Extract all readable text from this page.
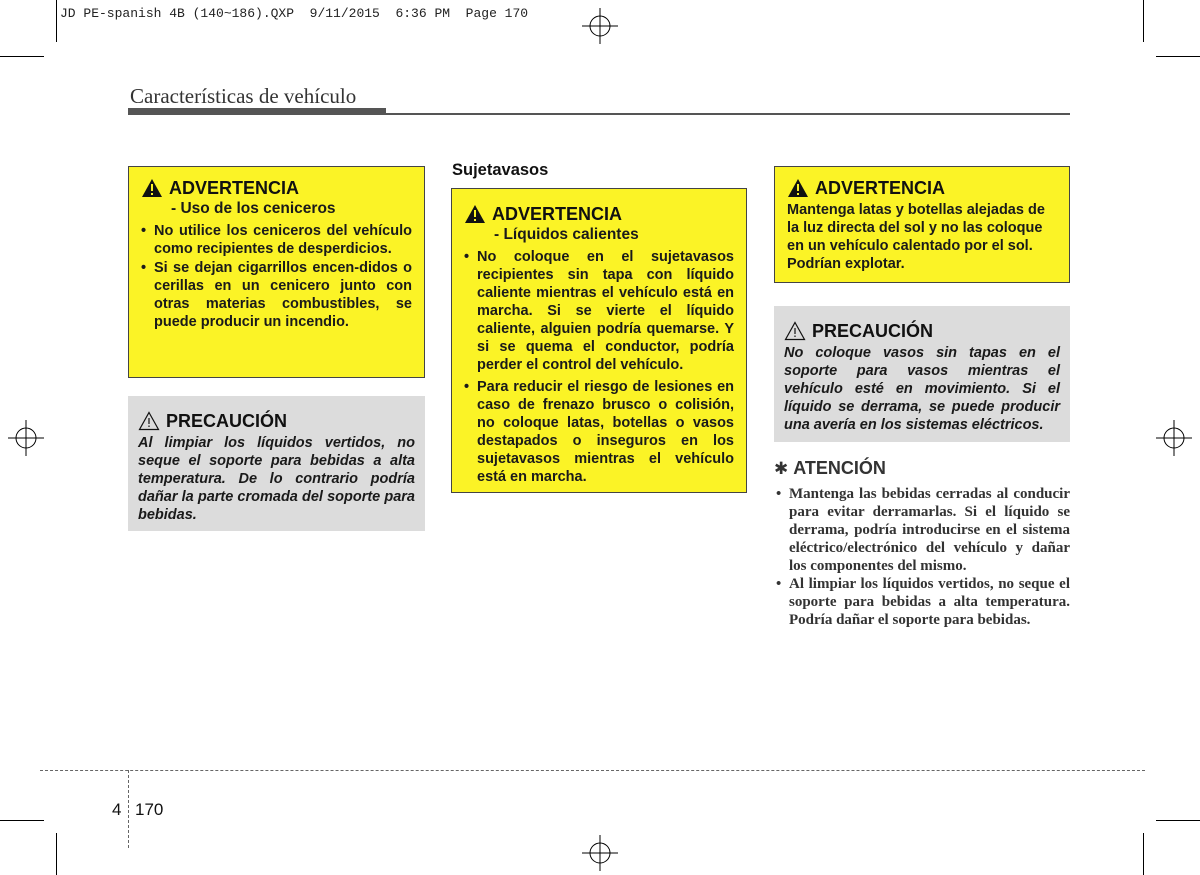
JD PE-spanish 4B (140~186).QXP  9/11/2015  6:36 PM  Page 170
Características de vehículo
ADVERTENCIA
- Uso de los ceniceros
• No utilice los ceniceros del vehículo como recipientes de desperdicios.
• Si se dejan cigarrillos encen-didos o cerillas en un cenicero junto con otras materias combustibles, se puede producir un incendio.
PRECAUCIÓN

Al limpiar los líquidos vertidos, no seque el soporte para bebidas a alta temperatura. De lo contrario podría dañar la parte cromada del soporte para bebidas.

Sujetavasos
ADVERTENCIA
- Líquidos calientes
• No coloque en el sujetavasos recipientes sin tapa con líquido caliente mientras el vehículo está en marcha. Si se vierte el líquido caliente, alguien podría quemarse. Y si se quema el conductor, podría perder el control del vehículo.
• Para reducir el riesgo de lesiones en caso de frenazo brusco o colisión, no coloque latas, botellas o vasos destapados o inseguros en los sujetavasos mientras el vehículo está en marcha.
ADVERTENCIA

Mantenga latas y botellas alejadas de la luz directa del sol y no las coloque en un vehículo calentado por el sol. Podrían explotar.

PRECAUCIÓN

No coloque vasos sin tapas en el soporte para vasos mientras el vehículo esté en movimiento. Si el líquido se derrama, se puede producir una avería en los sistemas eléctricos.

✱ ATENCIÓN
• Mantenga las bebidas cerradas al conducir para evitar derramarlas. Si el líquido se derrama, podría introducirse en el sistema eléctrico/electrónico del vehículo y dañar los componentes del mismo.
• Al limpiar los líquidos vertidos, no seque el soporte para bebidas a alta temperatura. Podría dañar el soporte para bebidas.
4 170
